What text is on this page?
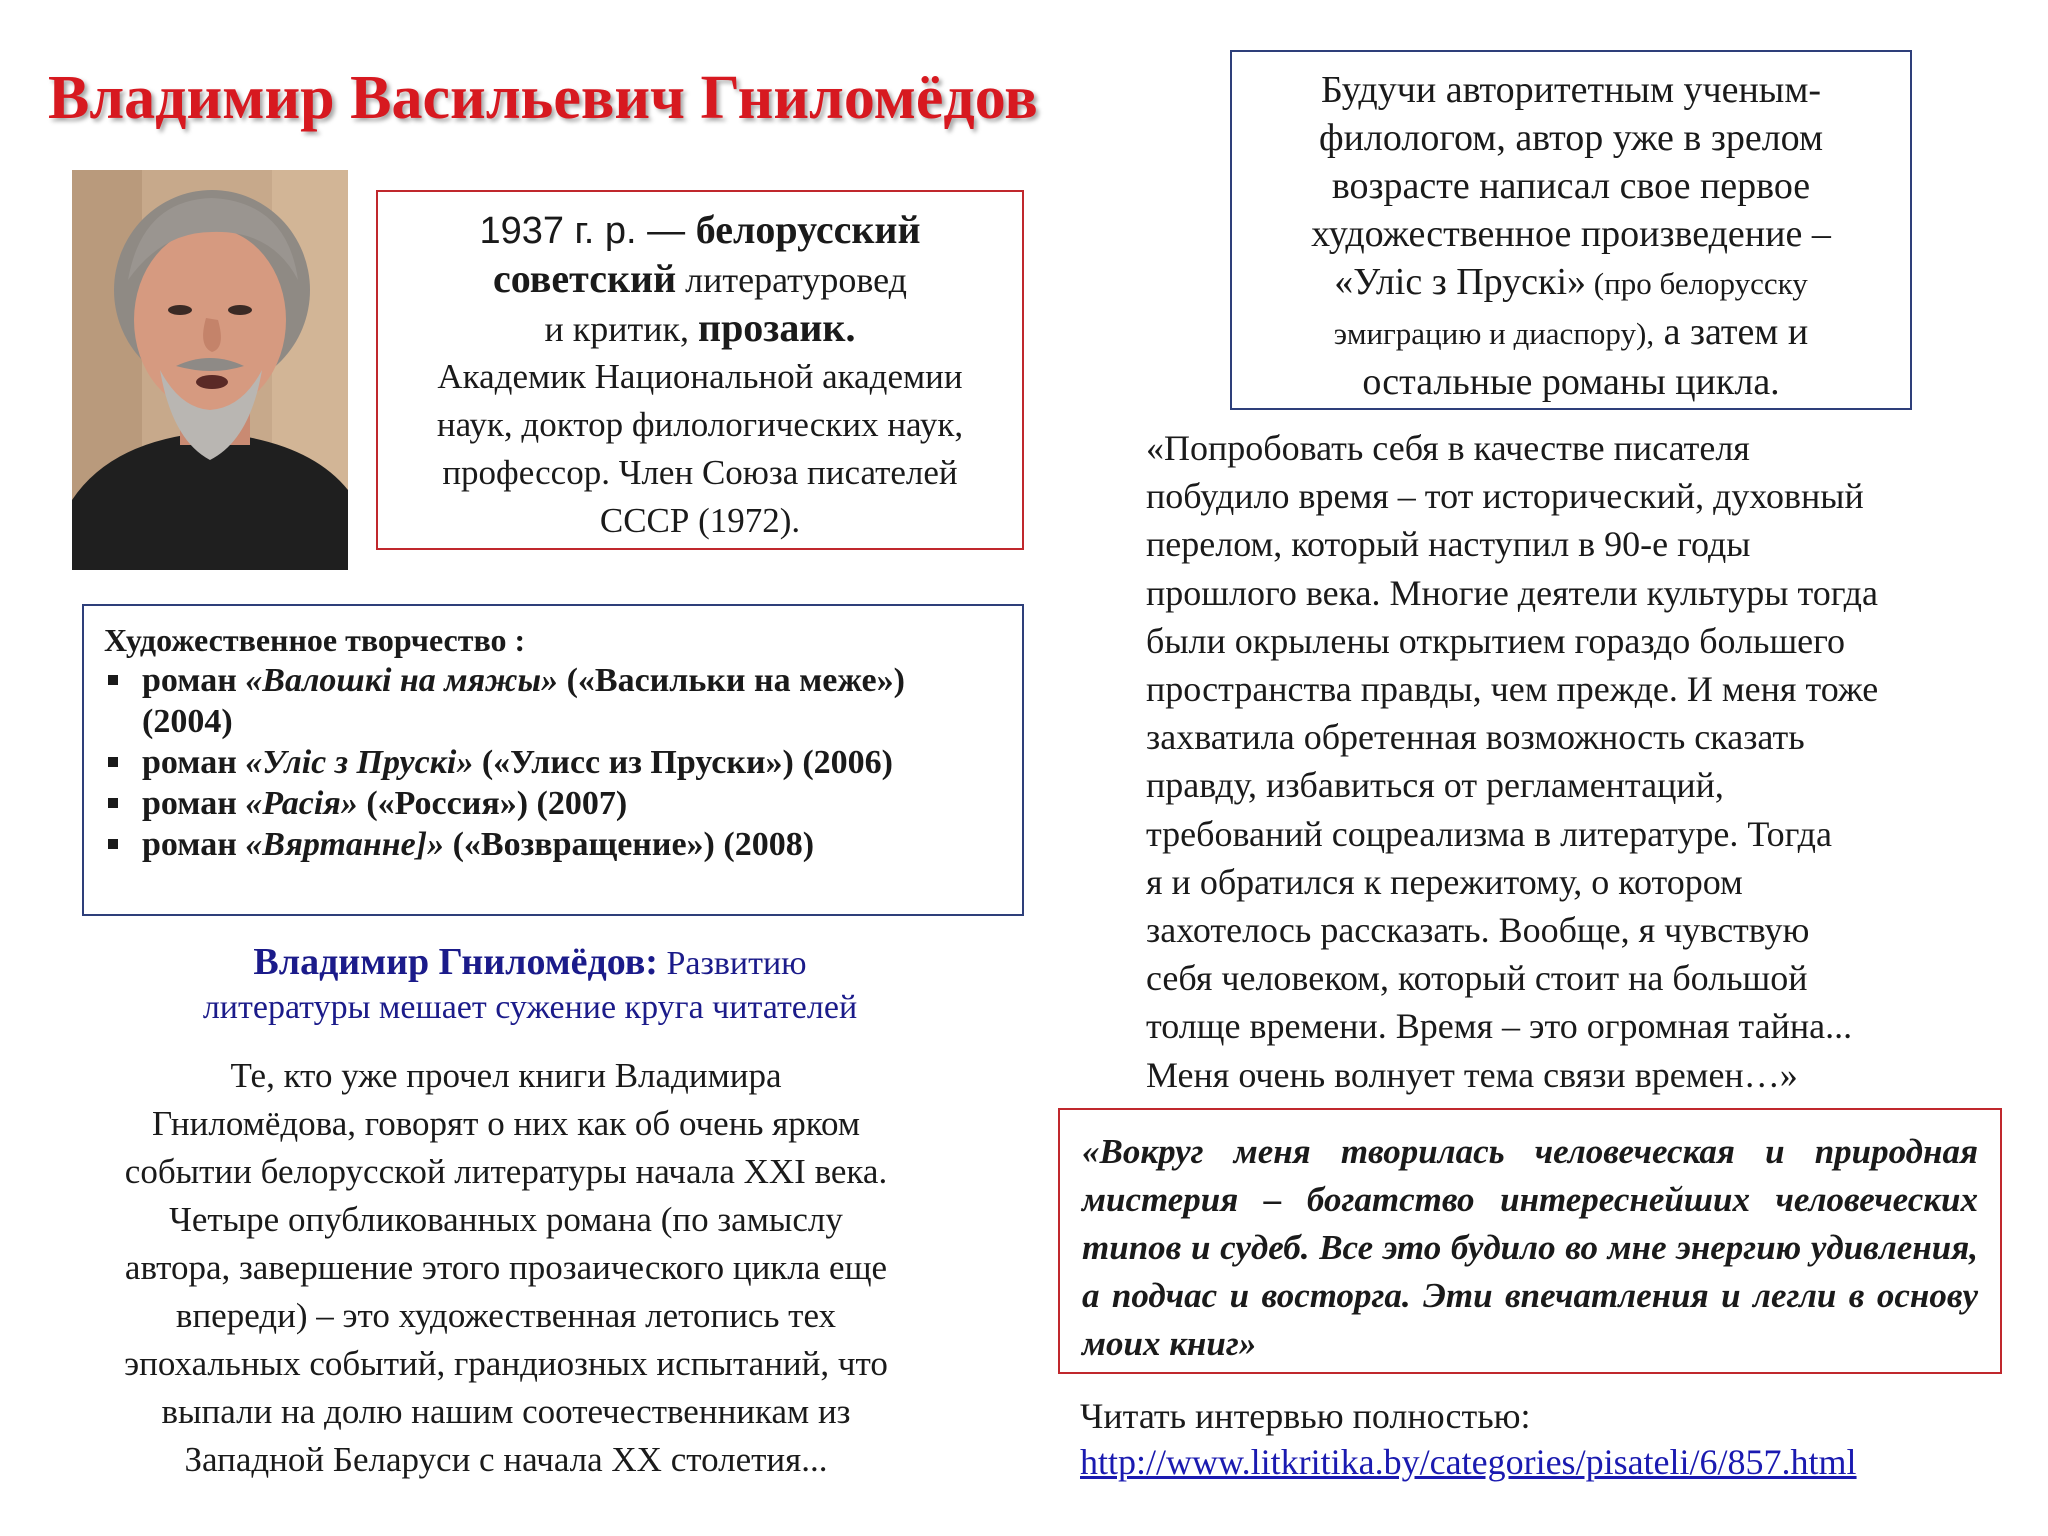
Владимир Васильевич Гниломёдов
1937 г. р. — белорусский
советский литературовед
и критик, прозаик.
Академик Национальной академии
наук, доктор филологических наук,
профессор. Член Союза писателей
СССР (1972).
Художественное творчество :
роман «Валошкі на мяжы» («Васильки на меже») (2004)
роман «Уліс з Прускі» («Улисс из Пруски») (2006)
роман «Расія» («Россия») (2007)
роман «Вяртанне]» («Возвращение») (2008)
Владимир Гниломёдов: Развитию
литературы мешает сужение круга читателей
Те, кто уже прочел книги Владимира
Гниломёдова, говорят о них как об очень ярком
событии белорусской литературы начала XXI века.
Четыре опубликованных романа (по замыслу
автора, завершение этого прозаического цикла еще
впереди) – это художественная летопись тех
эпохальных событий, грандиозных испытаний, что
выпали на долю нашим соотечественникам из
Западной Беларуси с начала XX столетия...
Будучи авторитетным ученым-
филологом, автор уже в зрелом
возрасте написал свое первое
художественное произведение –
«Уліс з Прускі» (про белорусску
эмиграцию и диаспору), а затем и
остальные романы цикла.
«Попробовать себя в качестве писателя
побудило время – тот исторический, духовный
перелом, который наступил в 90-е годы
прошлого века. Многие деятели культуры тогда
были окрылены открытием гораздо большего
пространства правды, чем прежде. И меня тоже
захватила обретенная возможность сказать
правду, избавиться от регламентаций,
требований соцреализма в литературе. Тогда
я и обратился к пережитому, о котором
захотелось рассказать. Вообще, я чувствую
себя человеком, который стоит на большой
толще времени. Время – это огромная тайна...
Меня очень волнует тема связи времен…»
«Вокруг меня творилась человеческая и природная мистерия – богатство интереснейших человеческих типов и судеб. Все это будило во мне энергию удивления, а подчас и восторга. Эти впечатления и легли в основу моих книг»
Читать интервью полностью:
http://www.litkritika.by/categories/pisateli/6/857.html
